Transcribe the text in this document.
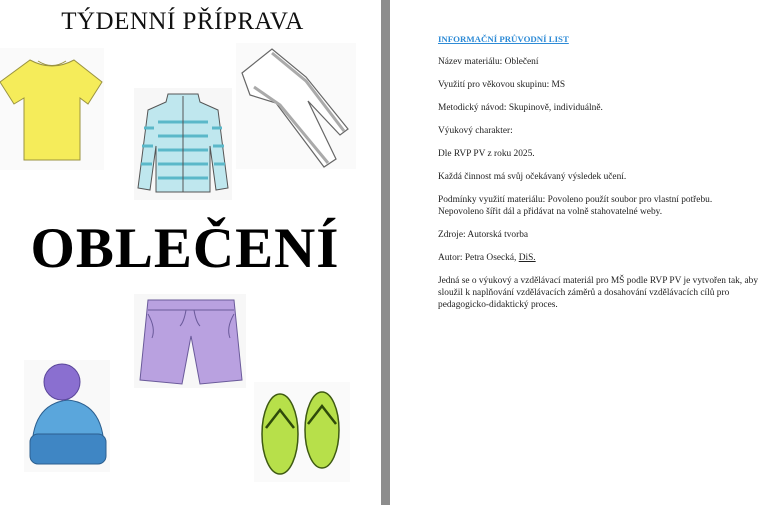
TÝDENNÍ PŘÍPRAVA
OBLEČENÍ

INFORMAČNÍ PRŮVODNÍ LIST

Název materiálu: Oblečení

Využití pro věkovou skupinu: MS

Metodický návod: Skupinově, individuálně.

Výukový charakter:

Dle RVP PV z roku 2025.

Každá činnost má svůj očekávaný výsledek učení.

Podmínky využití materiálu: Povoleno použít soubor pro vlastní potřebu.
Nepovoleno šířit dál a přidávat na volně stahovatelné weby.

Zdroje: Autorská tvorba

Autor: Petra Osecká, DiS.

Jedná se o výukový a vzdělávací materiál pro MŠ podle RVP PV je vytvořen tak, aby sloužil k naplňování vzdělávacích záměrů a dosahování vzdělávacích cílů pro pedagogicko-didaktický proces.
